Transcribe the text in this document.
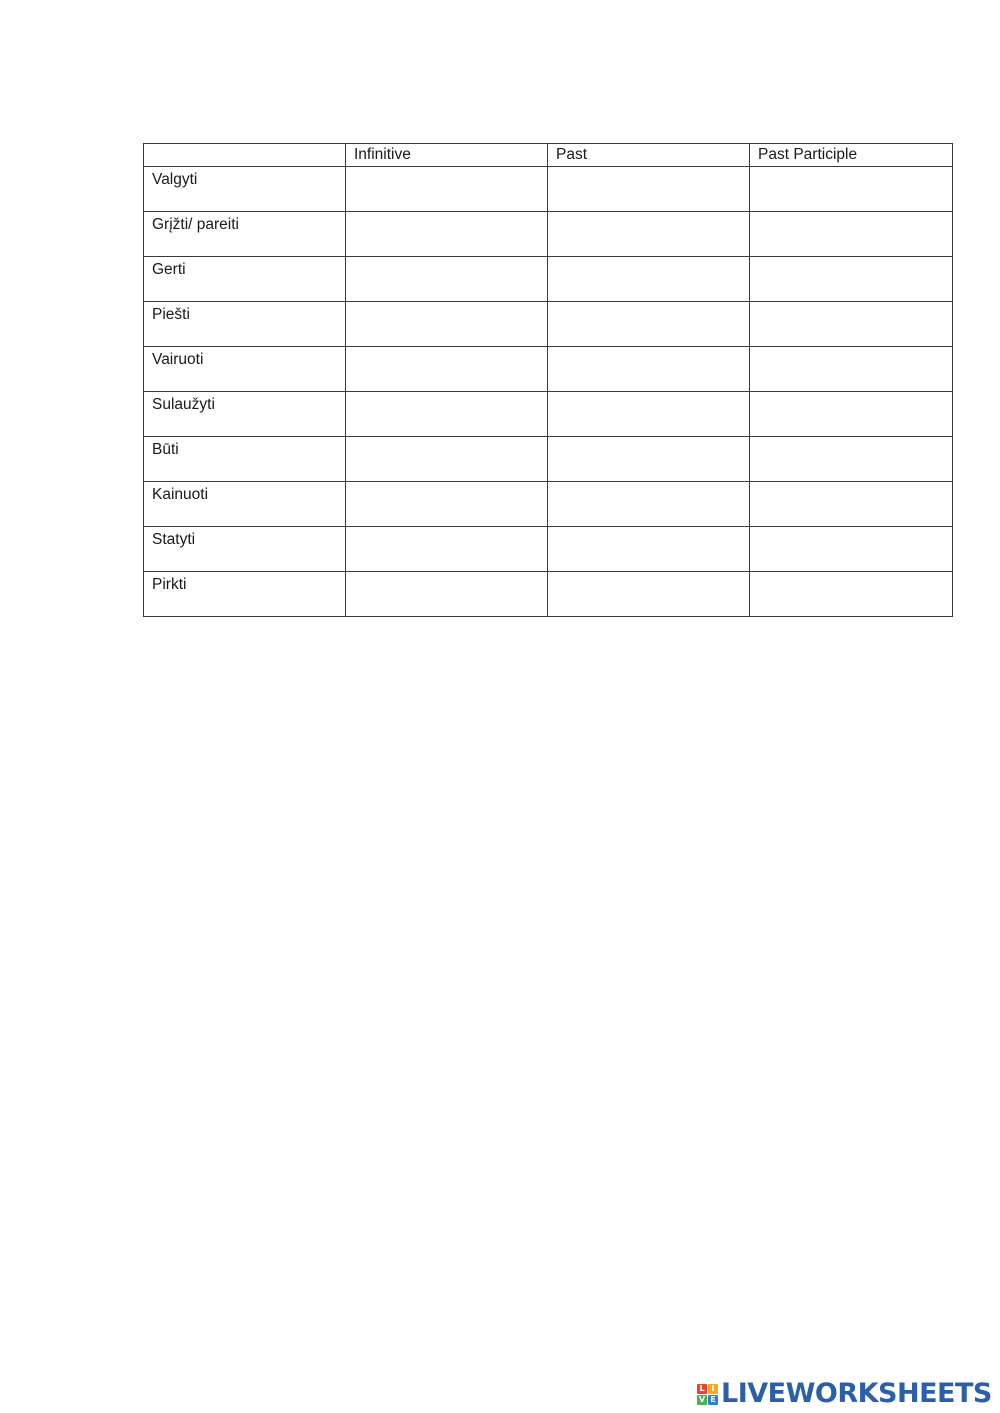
	Infinitive	Past	Past Participle
Valgyti			
Grįžti/ pareiti			
Gerti			
Piešti			
Vairuoti			
Sulaužyti			
Būti			
Kainuoti			
Statyti			
Pirkti			
L I
V E LIVEWORKSHEETS
